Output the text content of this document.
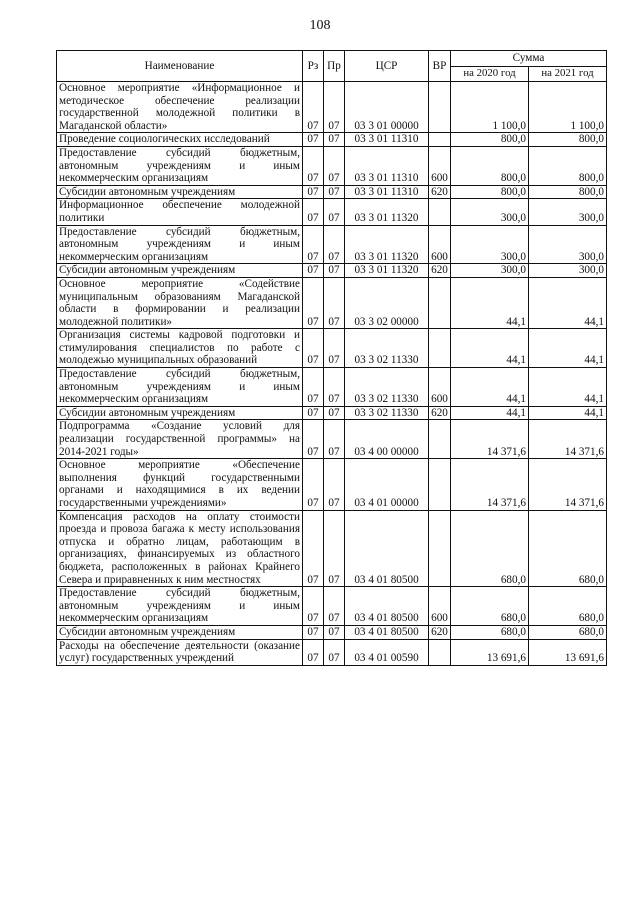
108
Наименование	Рз	Пр	ЦСР	ВР	Сумма	
					на 2020 год	на 2021 год
Основное мероприятие «Информационное и методическое обеспечение реализации государственной молодежной политики в Магаданской области»	07	07	03 3 01 00000		1 100,0	1 100,0
Проведение социологических исследований	07	07	03 3 01 11310		800,0	800,0
Предоставление субсидий бюджетным, автономным учреждениям и иным некоммерческим организациям	07	07	03 3 01 11310	600	800,0	800,0
Субсидии автономным учреждениям	07	07	03 3 01 11310	620	800,0	800,0
Информационное обеспечение молодежной политики	07	07	03 3 01 11320		300,0	300,0
Предоставление субсидий бюджетным, автономным учреждениям и иным некоммерческим организациям	07	07	03 3 01 11320	600	300,0	300,0
Субсидии автономным учреждениям	07	07	03 3 01 11320	620	300,0	300,0
Основное мероприятие «Содействие муниципальным образованиям Магаданской области в формировании и реализации молодежной политики»	07	07	03 3 02 00000		44,1	44,1
Организация системы кадровой подготовки и стимулирования специалистов по работе с молодежью муниципальных образований	07	07	03 3 02 11330		44,1	44,1
Предоставление субсидий бюджетным, автономным учреждениям и иным некоммерческим организациям	07	07	03 3 02 11330	600	44,1	44,1
Субсидии автономным учреждениям	07	07	03 3 02 11330	620	44,1	44,1
Подпрограмма «Создание условий для реализации государственной программы» на 2014-2021 годы»	07	07	03 4 00 00000		14 371,6	14 371,6
Основное мероприятие «Обеспечение выполнения функций государственными органами и находящимися в их ведении государственными учреждениями»	07	07	03 4 01 00000		14 371,6	14 371,6
Компенсация расходов на оплату стоимости проезда и провоза багажа к месту использования отпуска и обратно лицам, работающим в организациях, финансируемых из областного бюджета, расположенных в районах Крайнего Севера и приравненных к ним местностях	07	07	03 4 01 80500		680,0	680,0
Предоставление субсидий бюджетным, автономным учреждениям и иным некоммерческим организациям	07	07	03 4 01 80500	600	680,0	680,0
Субсидии автономным учреждениям	07	07	03 4 01 80500	620	680,0	680,0
Расходы на обеспечение деятельности (оказание услуг) государственных учреждений	07	07	03 4 01 00590		13 691,6	13 691,6
